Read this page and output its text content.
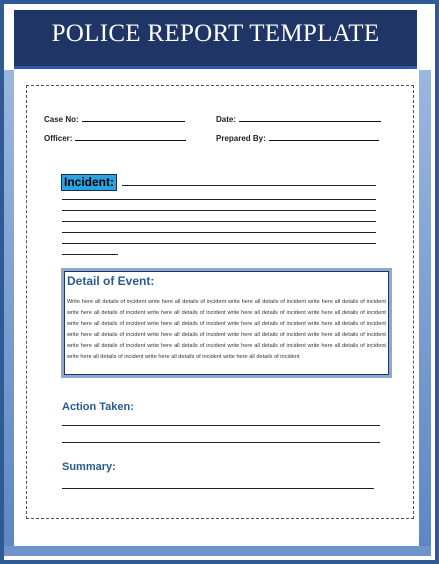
POLICE REPORT TEMPLATE
Case No:	Date:
Officer:	Prepared By:
Incident:
Detail of Event:
Write here all details of incident write here all details of incident write here all details of incident write here all details of incident write here all details of incident write here all details of incident write here all details of incident write here all details of incident write here all details of incident write here all details of incident write here all details of incident write here all details of incident write here all details of incident write here all details of incident write here all details of incident write here all details of incident write here all details of incident write here all details of incident write here all details of incident write here all details of incident write here all details of incident write here all details of incident write here all details of incident
Action Taken:
Summary:
